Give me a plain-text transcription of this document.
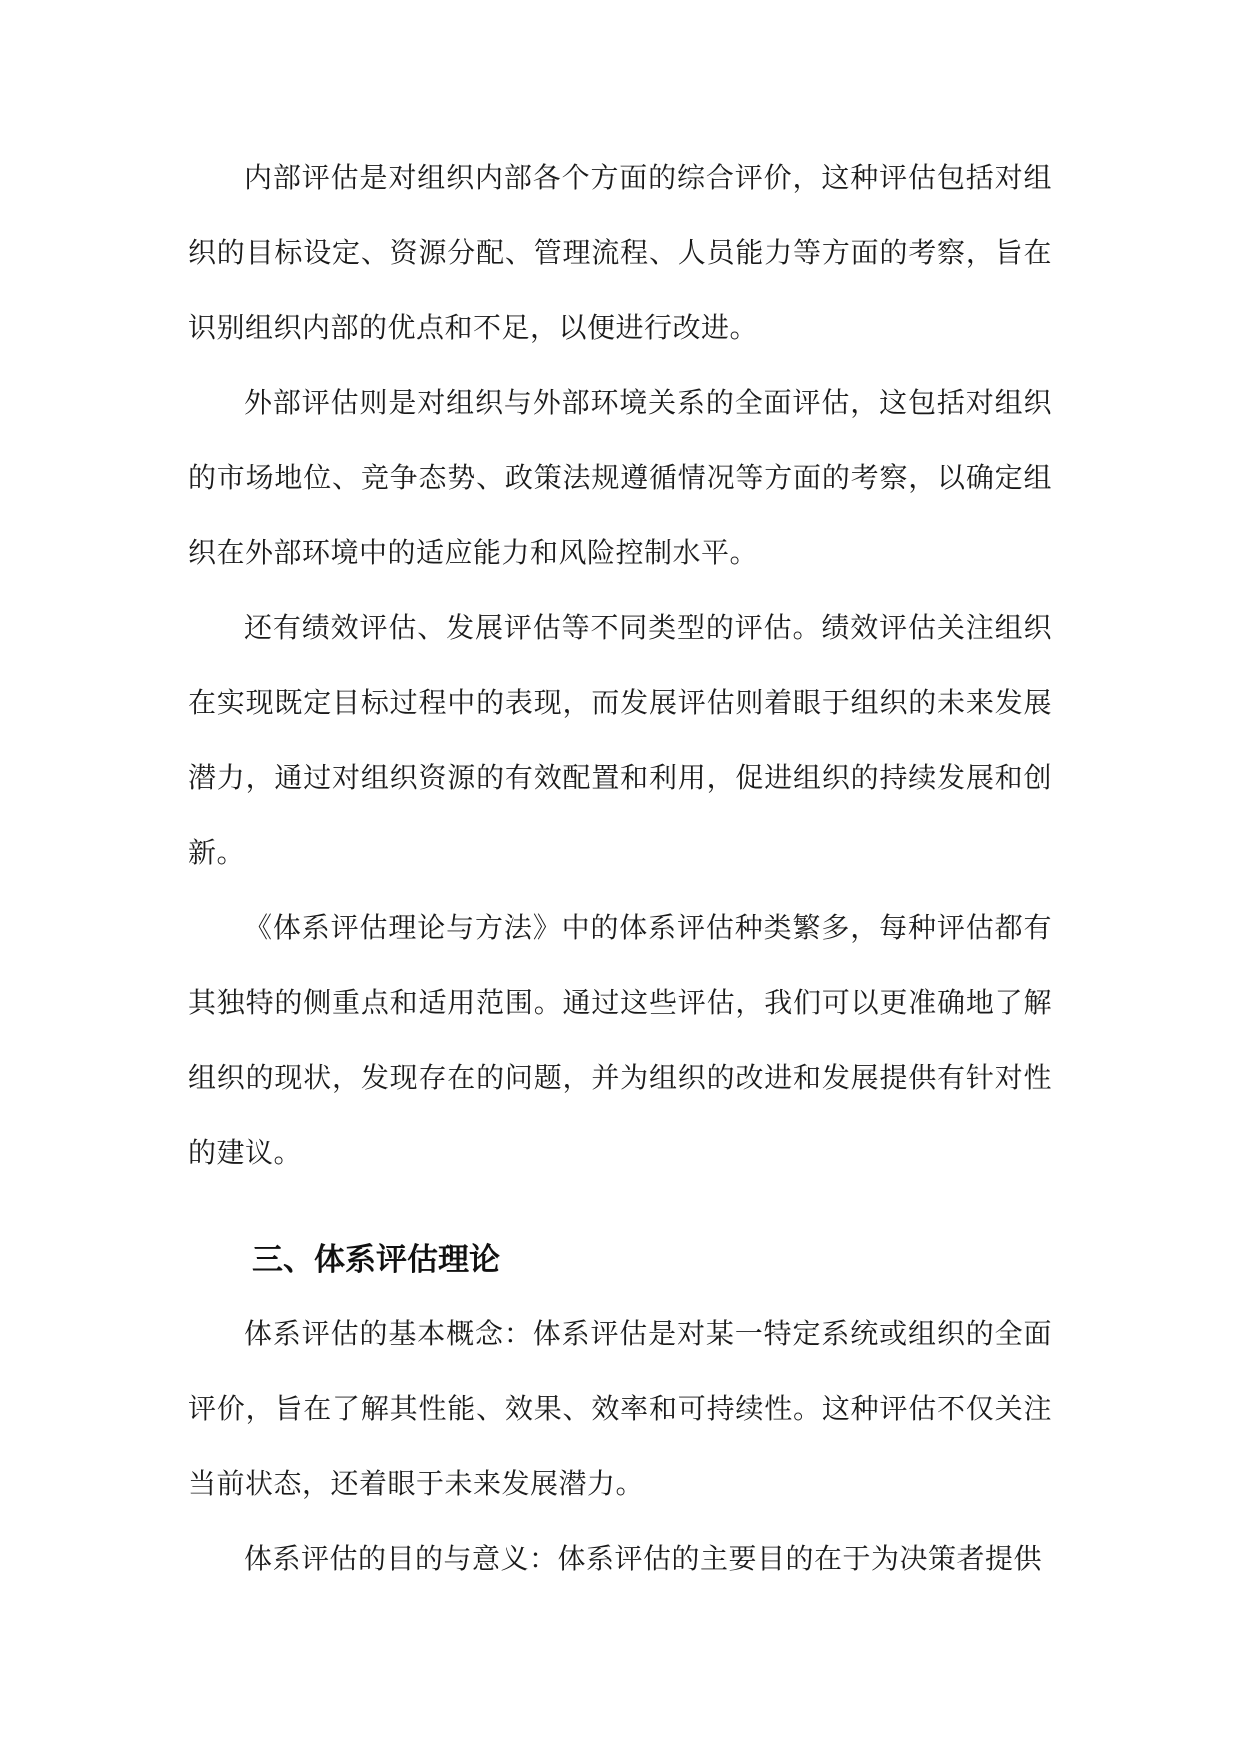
内部评估是对组织内部各个方面的综合评价，这种评估包括对组织的目标设定、资源分配、管理流程、人员能力等方面的考察，旨在识别组织内部的优点和不足，以便进行改进。

外部评估则是对组织与外部环境关系的全面评估，这包括对组织的市场地位、竞争态势、政策法规遵循情况等方面的考察，以确定组织在外部环境中的适应能力和风险控制水平。

还有绩效评估、发展评估等不同类型的评估。绩效评估关注组织在实现既定目标过程中的表现，而发展评估则着眼于组织的未来发展潜力，通过对组织资源的有效配置和利用，促进组织的持续发展和创新。

《体系评估理论与方法》中的体系评估种类繁多，每种评估都有其独特的侧重点和适用范围。通过这些评估，我们可以更准确地了解组织的现状，发现存在的问题，并为组织的改进和发展提供有针对性的建议。

三、体系评估理论

体系评估的基本概念：体系评估是对某一特定系统或组织的全面评价，旨在了解其性能、效果、效率和可持续性。这种评估不仅关注当前状态，还着眼于未来发展潜力。

体系评估的目的与意义：体系评估的主要目的在于为决策者提供
